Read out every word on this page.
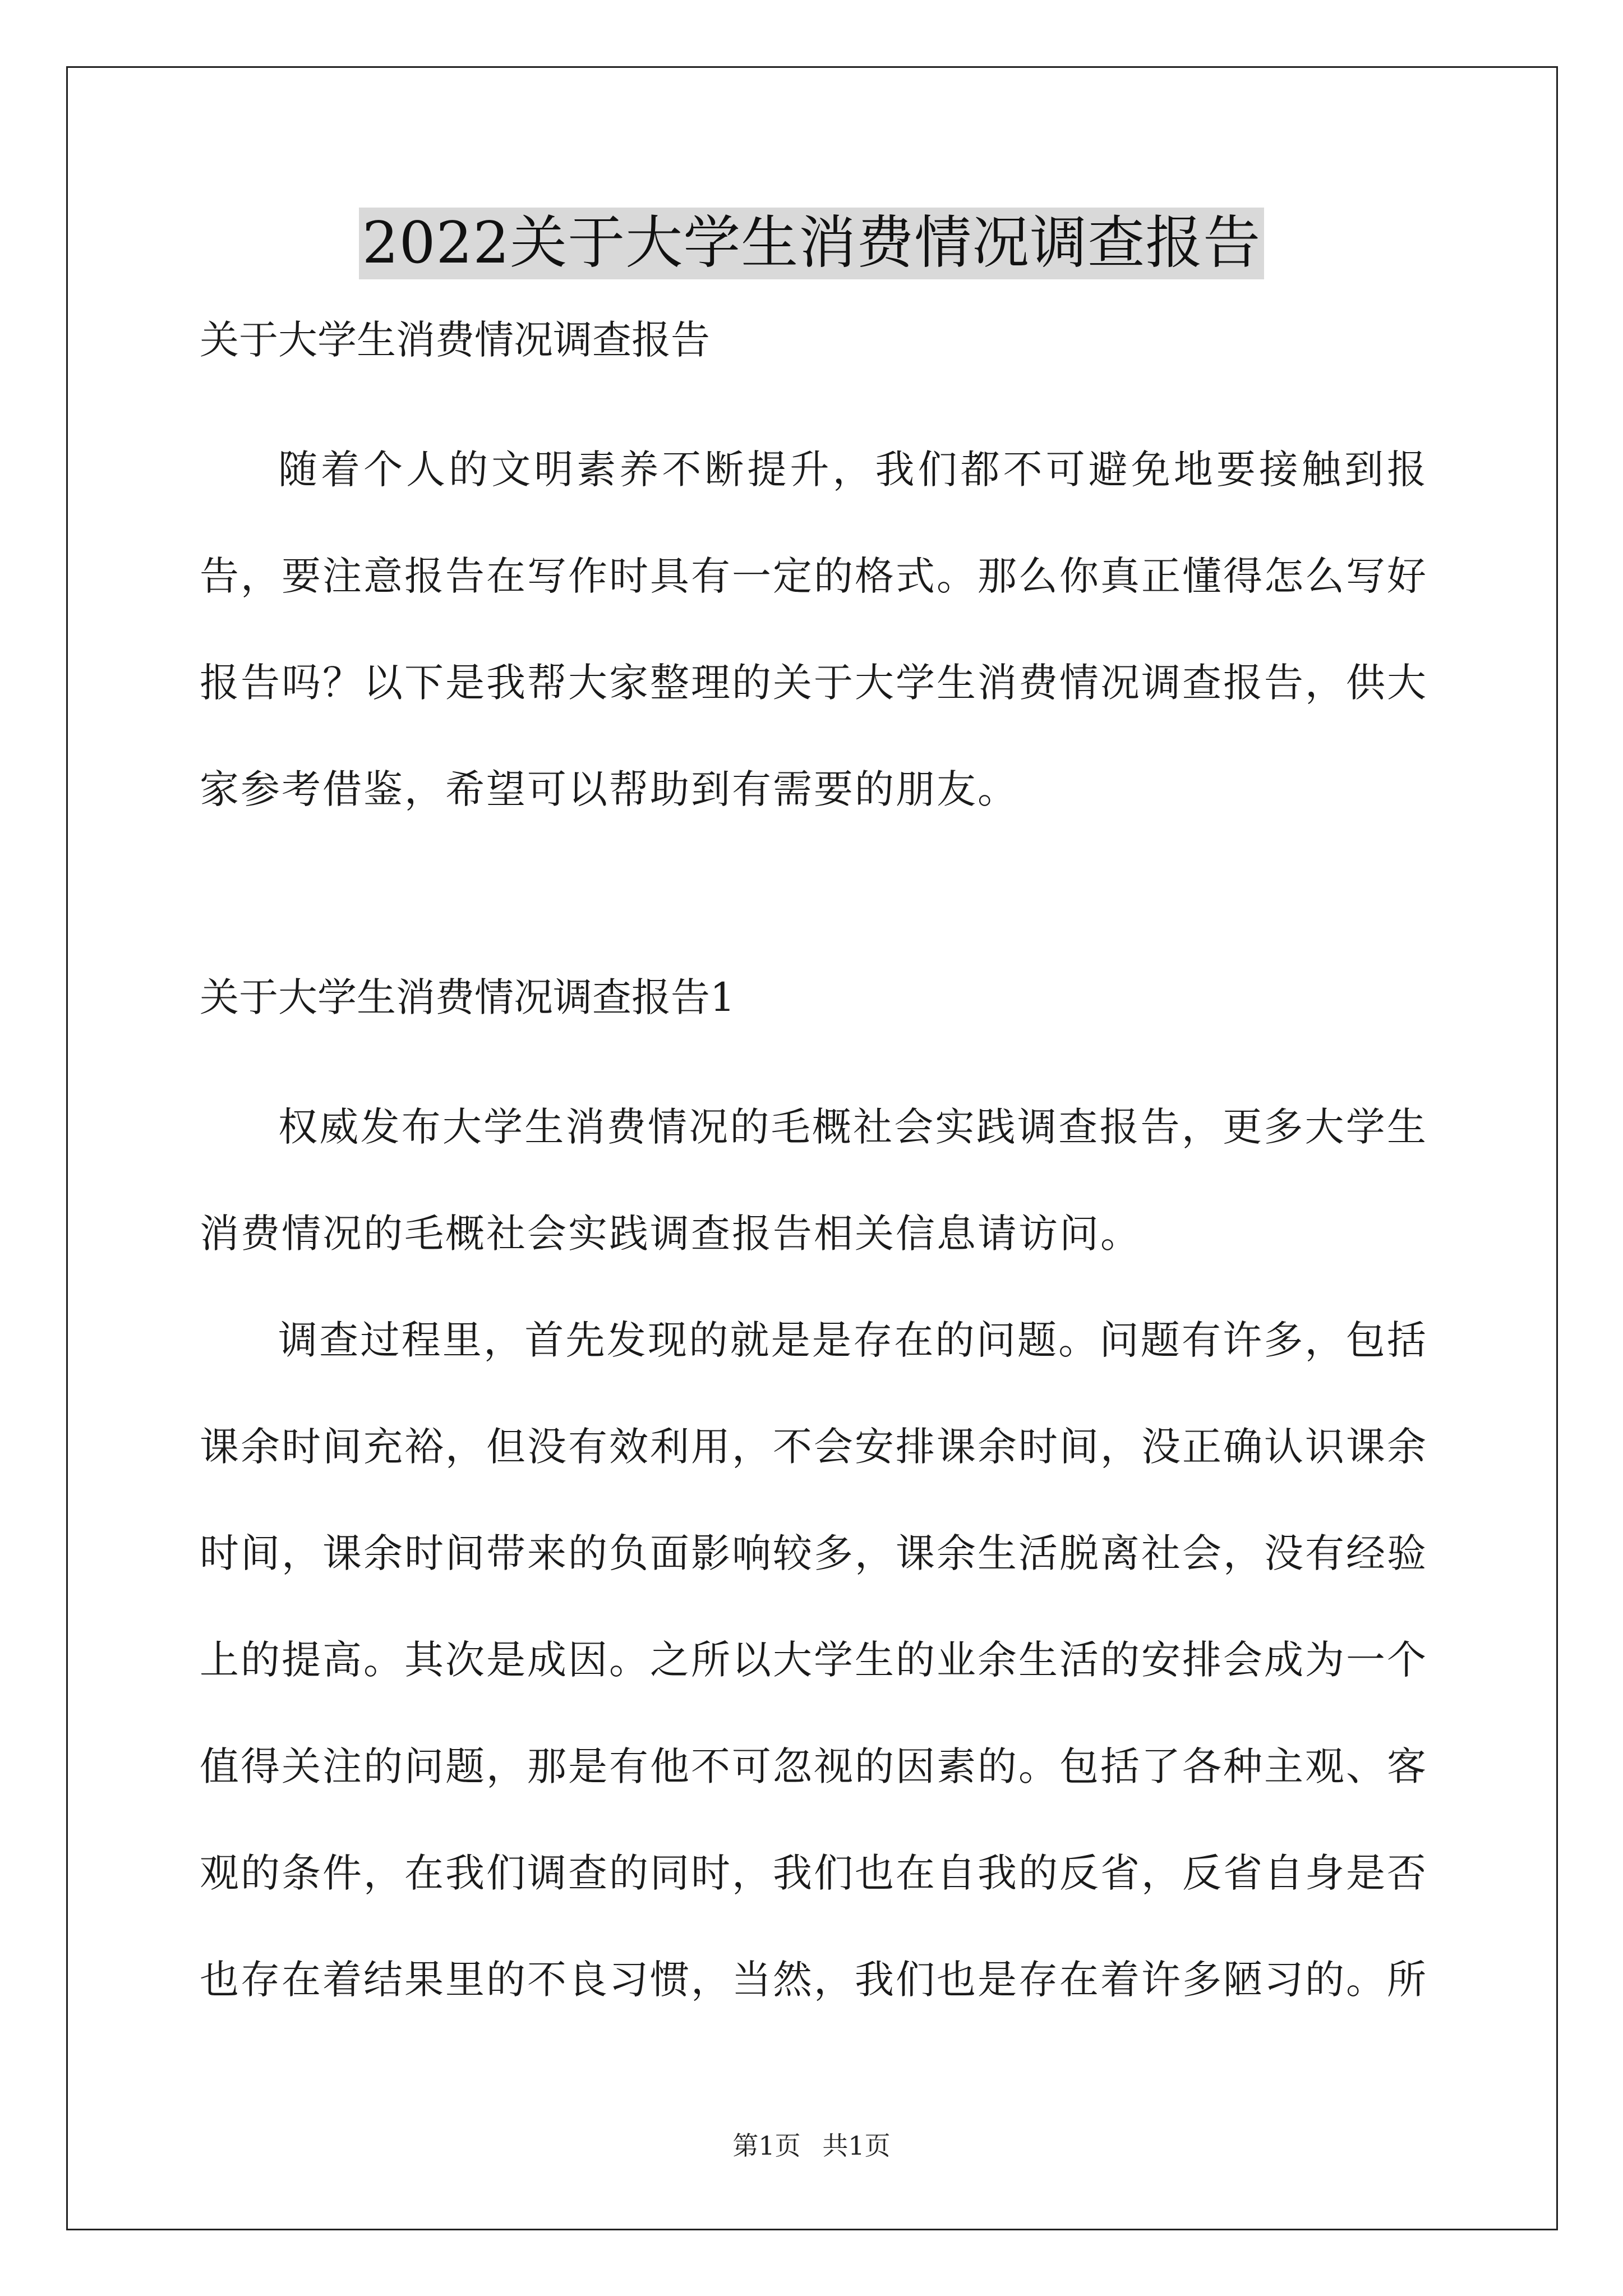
2022关于大学生消费情况调查报告

关于大学生消费情况调查报告

随着个人的文明素养不断提升，我们都不可避免地要接触到报告，要注意报告在写作时具有一定的格式。那么你真正懂得怎么写好报告吗？以下是我帮大家整理的关于大学生消费情况调查报告，供大家参考借鉴，希望可以帮助到有需要的朋友。

关于大学生消费情况调查报告1

权威发布大学生消费情况的毛概社会实践调查报告，更多大学生消费情况的毛概社会实践调查报告相关信息请访问。

调查过程里，首先发现的就是是存在的问题。问题有许多，包括课余时间充裕，但没有效利用，不会安排课余时间，没正确认识课余时间，课余时间带来的负面影响较多，课余生活脱离社会，没有经验上的提高。其次是成因。之所以大学生的业余生活的安排会成为一个值得关注的问题，那是有他不可忽视的因素的。包括了各种主观、客观的条件，在我们调查的同时，我们也在自我的反省，反省自身是否也存在着结果里的不良习惯，当然，我们也是存在着许多陋习的。所

第1页 共1页
